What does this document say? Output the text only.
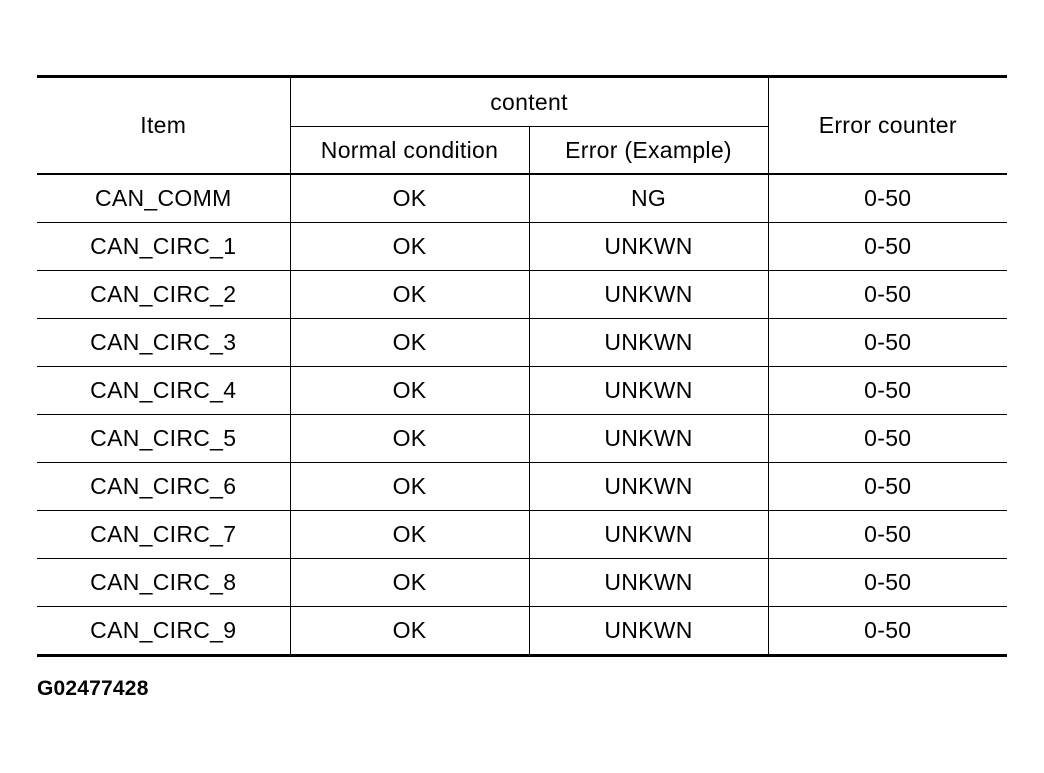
Item	content		Error counter
	Normal condition	Error (Example)	
CAN_COMM	OK	NG	0-50
CAN_CIRC_1	OK	UNKWN	0-50
CAN_CIRC_2	OK	UNKWN	0-50
CAN_CIRC_3	OK	UNKWN	0-50
CAN_CIRC_4	OK	UNKWN	0-50
CAN_CIRC_5	OK	UNKWN	0-50
CAN_CIRC_6	OK	UNKWN	0-50
CAN_CIRC_7	OK	UNKWN	0-50
CAN_CIRC_8	OK	UNKWN	0-50
CAN_CIRC_9	OK	UNKWN	0-50
G02477428
